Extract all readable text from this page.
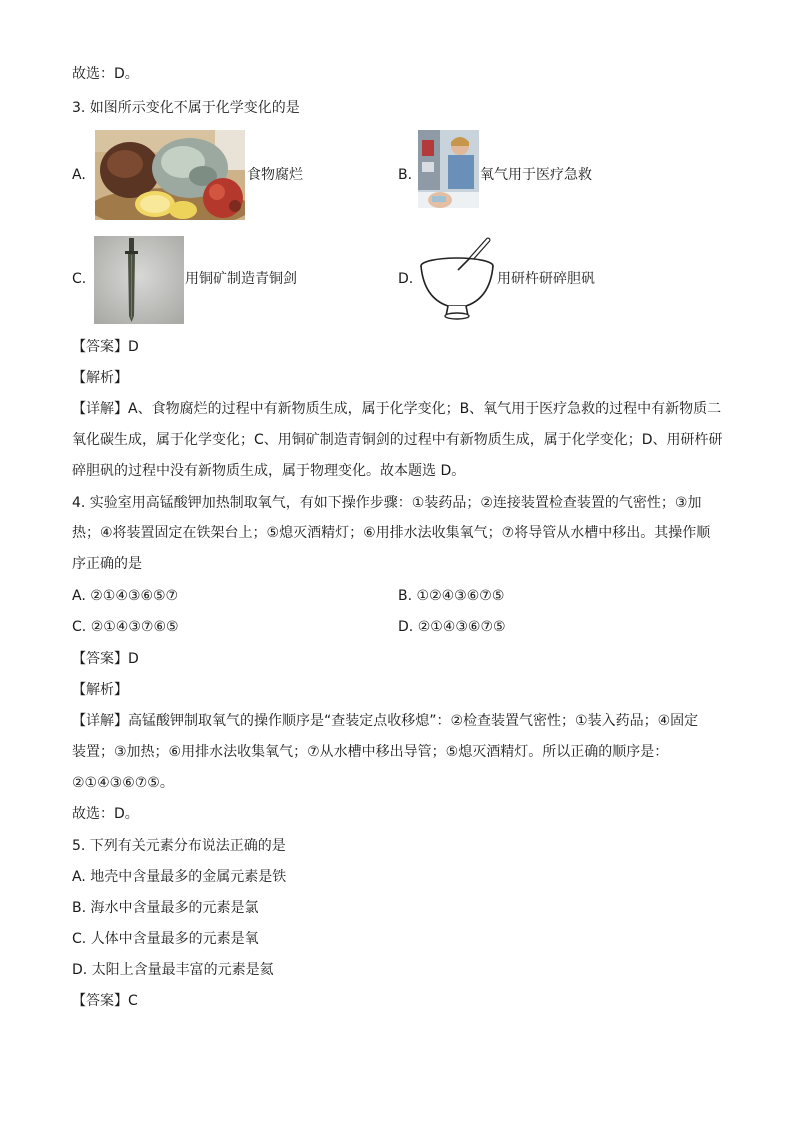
故选：D。
3. 如图所示变化不属于化学变化的是
A.	食物腐烂	B.	氧气用于医疗急救
C.	用铜矿制造青铜剑	D.	用研杵研碎胆矾
【答案】D
【解析】
【详解】A、食物腐烂的过程中有新物质生成，属于化学变化；B、氧气用于医疗急救的过程中有新物质二
氧化碳生成，属于化学变化；C、用铜矿制造青铜剑的过程中有新物质生成，属于化学变化；D、用研杵研
碎胆矾的过程中没有新物质生成，属于物理变化。故本题选 D。
4. 实验室用高锰酸钾加热制取氧气，有如下操作步骤：①装药品；②连接装置检查装置的气密性；③加
热；④将装置固定在铁架台上；⑤熄灭酒精灯；⑥用排水法收集氧气；⑦将导管从水槽中移出。其操作顺
序正确的是
A. ②①④③⑥⑤⑦	B. ①②④③⑥⑦⑤
C. ②①④③⑦⑥⑤	D. ②①④③⑥⑦⑤
【答案】D
【解析】
【详解】高锰酸钾制取氧气的操作顺序是“查装定点收移熄”：②检查装置气密性；①装入药品；④固定
装置；③加热；⑥用排水法收集氧气；⑦从水槽中移出导管；⑤熄灭酒精灯。所以正确的顺序是：
②①④③⑥⑦⑤。
故选：D。
5. 下列有关元素分布说法正确的是
A. 地壳中含量最多的金属元素是铁
B. 海水中含量最多的元素是氯
C. 人体中含量最多的元素是氧
D. 太阳上含量最丰富的元素是氦
【答案】C
